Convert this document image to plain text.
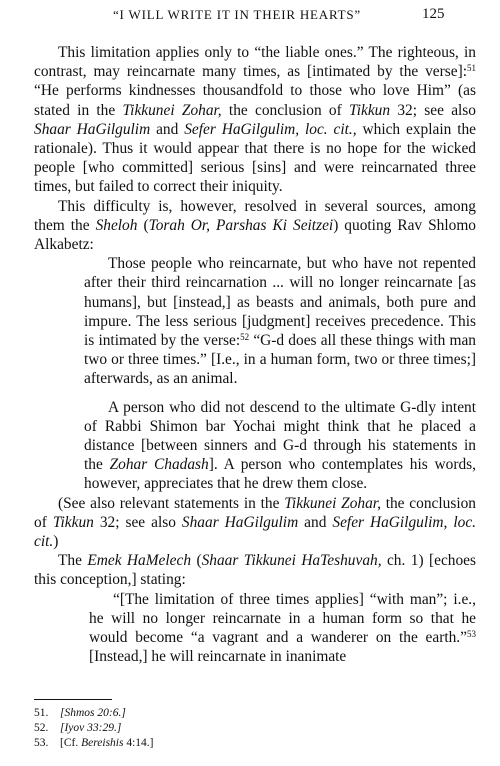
“I WILL WRITE IT IN THEIR HEARTS”	125

This limitation applies only to “the liable ones.” The righteous, in contrast, may reincarnate many times, as [intimated by the verse]:$^{51}$ “He performs kindnesses thousandfold to those who love Him” (as stated in the Tikkunei Zohar, the conclusion of Tikkun 32; see also Shaar HaGilgulim and Sefer HaGilgulim, loc. cit., which explain the rationale). Thus it would appear that there is no hope for the wicked people [who committed] serious [sins] and were reincarnated three times, but failed to correct their iniquity.

This difficulty is, however, resolved in several sources, among them the Sheloh (Torah Or, Parshas Ki Seitzei) quoting Rav Shlomo Alkabetz:

Those people who reincarnate, but who have not repented after their third reincarnation ... will no longer reincarnate [as humans], but [instead,] as beasts and animals, both pure and impure. The less serious [judgment] receives precedence. This is intimated by the verse:$^{52}$ “G-d does all these things with man two or three times.” [I.e., in a human form, two or three times;] afterwards, as an animal.

A person who did not descend to the ultimate G-dly intent of Rabbi Shimon bar Yochai might think that he placed a distance [between sinners and G-d through his statements in the Zohar Chadash]. A person who contemplates his words, however, appreciates that he drew them close.

(See also relevant statements in the Tikkunei Zohar, the conclusion of Tikkun 32; see also Shaar HaGilgulim and Sefer HaGilgulim, loc. cit.)

The Emek HaMelech (Shaar Tikkunei HaTeshuvah, ch. 1) [echoes this conception,] stating:

“[The limitation of three times applies] “with man”; i.e., he will no longer reincarnate in a human form so that he would become “a vagrant and a wanderer on the earth.”$^{53}$ [Instead,] he will reincarnate in inanimate

51. [Shmos 20:6.]
52. [Iyov 33:29.]
53. [Cf. Bereishis 4:14.]
